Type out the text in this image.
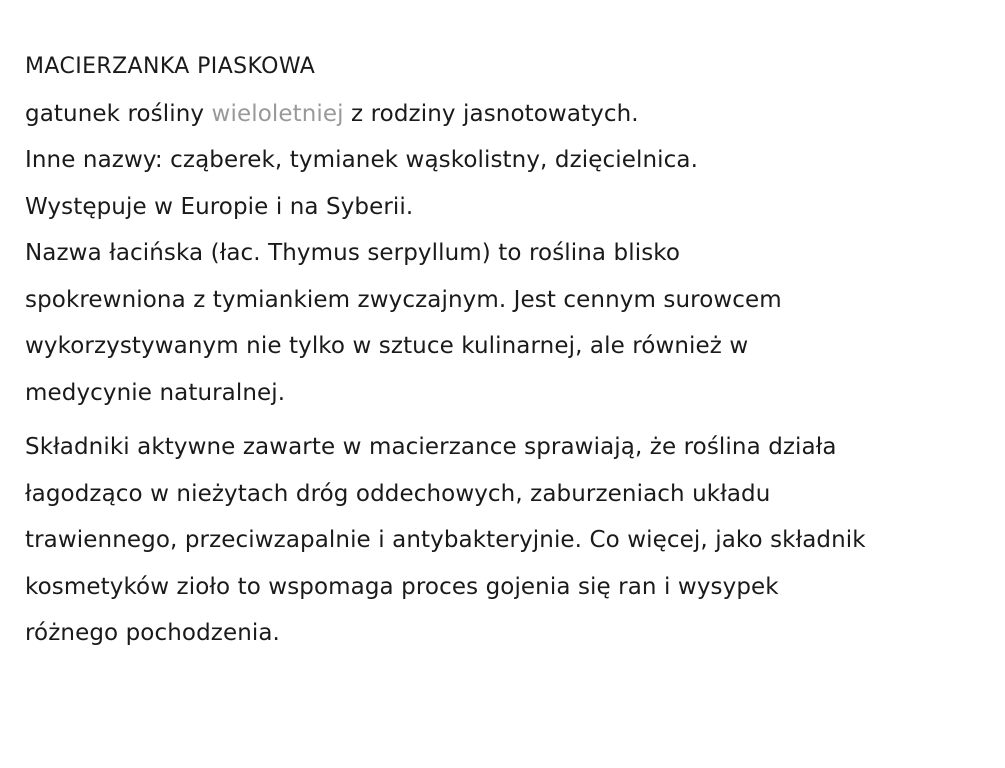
MACIERZANKA PIASKOWA
gatunek rośliny wieloletniej z rodziny jasnotowatych.
Inne nazwy: cząberek, tymianek wąskolistny, dzięcielnica.
Występuje w Europie i na Syberii.
Nazwa łacińska (łac. Thymus serpyllum) to roślina blisko
spokrewniona z tymiankiem zwyczajnym. Jest cennym surowcem
wykorzystywanym nie tylko w sztuce kulinarnej, ale również w
medycynie naturalnej.
Składniki aktywne zawarte w macierzance sprawiają, że roślina działa
łagodząco w nieżytach dróg oddechowych, zaburzeniach układu
trawiennego, przeciwzapalnie i antybakteryjnie. Co więcej, jako składnik
kosmetyków zioło to wspomaga proces gojenia się ran i wysypek
różnego pochodzenia.
